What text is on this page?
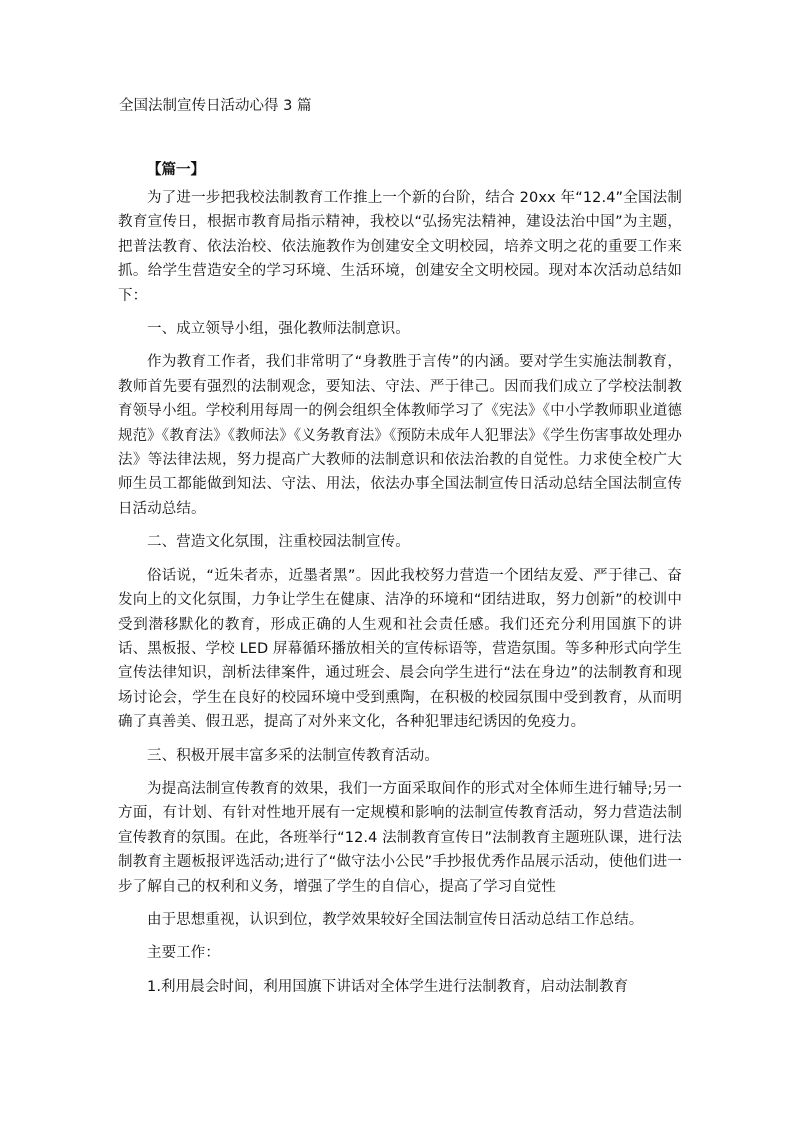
全国法制宣传日活动心得 3 篇
【篇一】

为了进一步把我校法制教育工作推上一个新的台阶，结合 20xx 年“12.4”全国法制教育宣传日，根据市教育局指示精神，我校以“弘扬宪法精神，建设法治中国”为主题，把普法教育、依法治校、依法施教作为创建安全文明校园，培养文明之花的重要工作来抓。给学生营造安全的学习环境、生活环境，创建安全文明校园。现对本次活动总结如下：

一、成立领导小组，强化教师法制意识。

作为教育工作者，我们非常明了“身教胜于言传”的内涵。要对学生实施法制教育，教师首先要有强烈的法制观念，要知法、守法、严于律己。因而我们成立了学校法制教育领导小组。学校利用每周一的例会组织全体教师学习了《宪法》《中小学教师职业道德规范》《教育法》《教师法》《义务教育法》《预防未成年人犯罪法》《学生伤害事故处理办法》等法律法规，努力提高广大教师的法制意识和依法治教的自觉性。力求使全校广大师生员工都能做到知法、守法、用法，依法办事全国法制宣传日活动总结全国法制宣传日活动总结。

二、营造文化氛围，注重校园法制宣传。

俗话说，“近朱者赤，近墨者黑”。因此我校努力营造一个团结友爱、严于律己、奋发向上的文化氛围，力争让学生在健康、洁净的环境和“团结进取，努力创新”的校训中受到潜移默化的教育，形成正确的人生观和社会责任感。我们还充分利用国旗下的讲话、黑板报、学校 LED 屏幕循环播放相关的宣传标语等，营造氛围。等多种形式向学生宣传法律知识，剖析法律案件，通过班会、晨会向学生进行“法在身边”的法制教育和现场讨论会，学生在良好的校园环境中受到熏陶，在积极的校园氛围中受到教育，从而明确了真善美、假丑恶，提高了对外来文化，各种犯罪违纪诱因的免疫力。

三、积极开展丰富多采的法制宣传教育活动。

为提高法制宣传教育的效果，我们一方面采取间作的形式对全体师生进行辅导;另一方面，有计划、有针对性地开展有一定规模和影响的法制宣传教育活动，努力营造法制宣传教育的氛围。在此，各班举行“12.4 法制教育宣传日”法制教育主题班队课，进行法制教育主题板报评选活动;进行了“做守法小公民”手抄报优秀作品展示活动，使他们进一步了解自己的权利和义务，增强了学生的自信心，提高了学习自觉性

由于思想重视，认识到位，教学效果较好全国法制宣传日活动总结工作总结。

主要工作：

1.利用晨会时间，利用国旗下讲话对全体学生进行法制教育，启动法制教育
